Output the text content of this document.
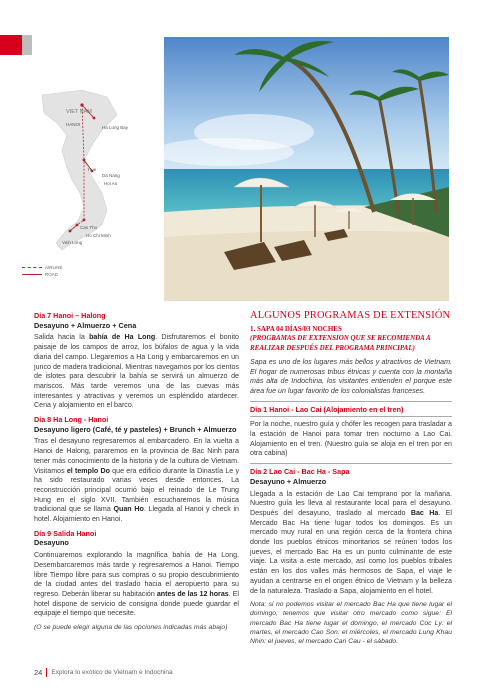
VIET NAM
HANOI
Ha Long Bay
Hue
Da Nang
Hoi An
Can Tho
Ho Chi Minh
Vinh Long
AIRLINE
ROAD
Día 7 Hanoi – Halong
Desayuno + Almuerzo + Cena

Salida hacia la bahía de Ha Long. Disfrutaremos el bonito paisaje de los campos de arroz, los búfalos de agua y la vida diaria del campo. Llegaremos a Ha Long y embarcaremos en un junco de madera tradicional. Mientras navegamos por los cientos de islotes para descubrir la bahía se servirá un almuerzo de mariscos. Más tarde veremos una de las cuevas más interesantes y atractivas y veremos un espléndido atardecer. Cena y alojamiento en el barco.

Día 8 Ha Long - Hanoi
Desayuno ligero (Café, té y pasteles) + Brunch + Almuerzo

Tras el desayuno regresaremos al embarcadero. En la vuelta a Hanoi de Halong, pararemos en la provincia de Bac Ninh para tener más conocimiento de la historia y de la cultura de Vietnam. Visitamos el templo Do que era edificio durante la Dinastía Le y ha sido restaurado varias veces desde entonces. La reconstrucción principal ocurrió bajo el reinado de Le Trung Hung en el siglo XVII. También escucharemos la música tradicional que se llama Quan Ho. Llegada al Hanoi y check in hotel. Alojamiento en Hanoi.

Día 9 Salida Hanoi
Desayuno

Continuaremos explorando la magnífica bahía de Ha Long. Desembarcaremos más tarde y regresaremos a Hanoi. Tiempo libre Tiempo libre para sus compras o su propio descubrimiento de la ciudad antes del traslado hacia el aeropuerto para su regreso. Deberán liberar su habitación antes de las 12 horas. El hotel dispone de servicio de consigna donde puede guardar el equipaje el tiempo que necesite.

(O se puede elegir alguna de las opciones indicadas más abajo)
ALGUNOS PROGRAMAS DE EXTENSIÓN
1. SAPA 04 DÍAS/03 NOCHES
(PROGRAMAS DE EXTENSION QUE SE RECOMIENDA A REALIZAR DESPUÉS DEL PROGRAMA PRINCIPAL)

Sapa es uno de los lugares más bellos y atractivos de Vietnam. El hogar de numerosas tribus étnicas y cuenta con la montaña más alta de Indochina, los visitantes entienden el porque este área fue un lugar favorito de los colonialistas franceses.

Día 1 Hanoi - Lao Cai (Alojamiento en el tren)

Por la noche, nuestro guía y chófer les recogen para trasladar a la estación de Hanoi para tomar tren nocturno a Lao Cai. Alojamiento en el tren. (Nuestro guía se aloja en el tren por en otra cabina)

Día 2 Lao Cai - Bac Ha - Sapa
Desayuno + Almuerzo

Llegada a la estación de Lao Cai temprano por la mañana. Nuestro guía les lleva al restaurante local para el desayuno. Después del desayuno, traslado al mercado Bac Ha. El Mercado Bac Ha tiene lugar todos los domingos. Es un mercado muy rural en una región cerca de la frontera china donde los pueblos étnicos minoritarios se reúnen todos los jueves, el mercado Bac Ha es un punto culminante de este viaje. La visita a este mercado, así como los pueblos tribales están en los dos valles más hermosos de Sapa, el viaje le ayudan a centrarse en el origen étnico de Vietnam y la belleza de la naturaleza. Traslado a Sapa, alojamiento en el hotel.

Nota: si no podemos visitar el mercado Bac Ha que tiene lugar el domingo, tenemos que visitar otro mercado como sigue: El mercado Bac Ha tiene lugar el domingo, el mercado Coc Ly: el martes, el mercado Cao Son: el miércoles, el mercado Lung Khau Nhin: el jueves, el mercado Can Cau - el sábado.

24 Explora lo exótico de Vietnam e Indochina
